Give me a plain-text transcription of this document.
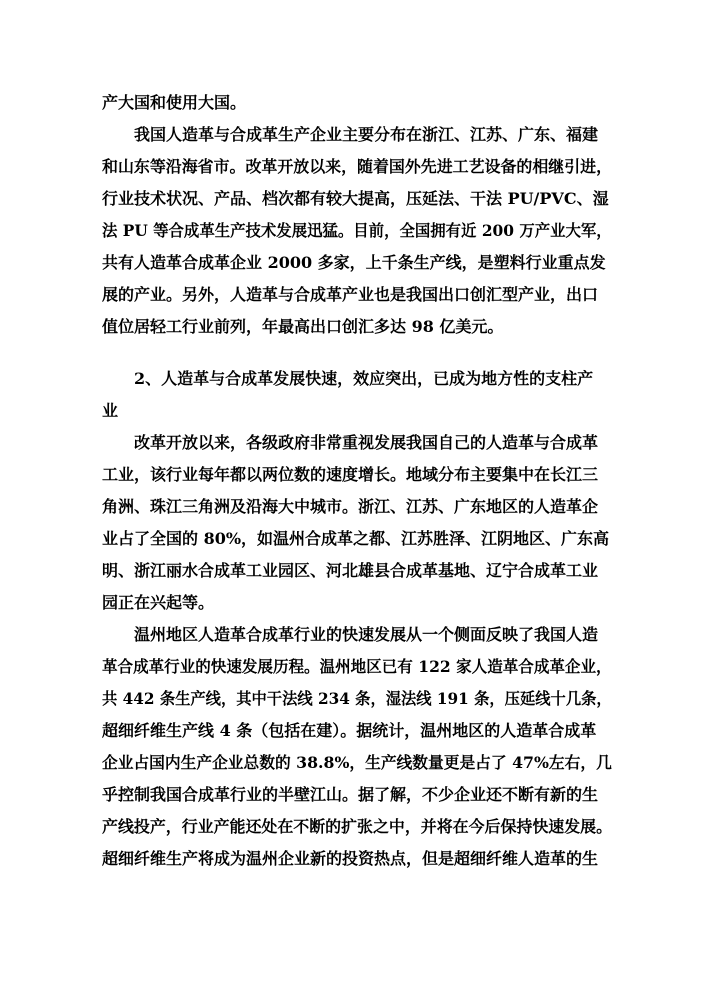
产大国和使用大国。
我国人造革与合成革生产企业主要分布在浙江、江苏、广东、福建
和山东等沿海省市。改革开放以来，随着国外先进工艺设备的相继引进，
行业技术状况、产品、档次都有较大提高，压延法、干法 PU/PVC、湿
法 PU 等合成革生产技术发展迅猛。目前，全国拥有近 200 万产业大军，
共有人造革合成革企业 2000 多家，上千条生产线，是塑料行业重点发
展的产业。另外，人造革与合成革产业也是我国出口创汇型产业，出口
值位居轻工行业前列，年最高出口创汇多达 98 亿美元。
2、人造革与合成革发展快速，效应突出，已成为地方性的支柱产
业
改革开放以来，各级政府非常重视发展我国自己的人造革与合成革
工业，该行业每年都以两位数的速度增长。地域分布主要集中在长江三
角洲、珠江三角洲及沿海大中城市。浙江、江苏、广东地区的人造革企
业占了全国的 80%，如温州合成革之都、江苏胜泽、江阴地区、广东高
明、浙江丽水合成革工业园区、河北雄县合成革基地、辽宁合成革工业
园正在兴起等。
温州地区人造革合成革行业的快速发展从一个侧面反映了我国人造
革合成革行业的快速发展历程。温州地区已有 122 家人造革合成革企业，
共 442 条生产线，其中干法线 234 条，湿法线 191 条，压延线十几条，
超细纤维生产线 4 条（包括在建）。据统计，温州地区的人造革合成革
企业占国内生产企业总数的 38.8%，生产线数量更是占了 47%左右，几
乎控制我国合成革行业的半壁江山。据了解，不少企业还不断有新的生
产线投产，行业产能还处在不断的扩张之中，并将在今后保持快速发展。
超细纤维生产将成为温州企业新的投资热点，但是超细纤维人造革的生
